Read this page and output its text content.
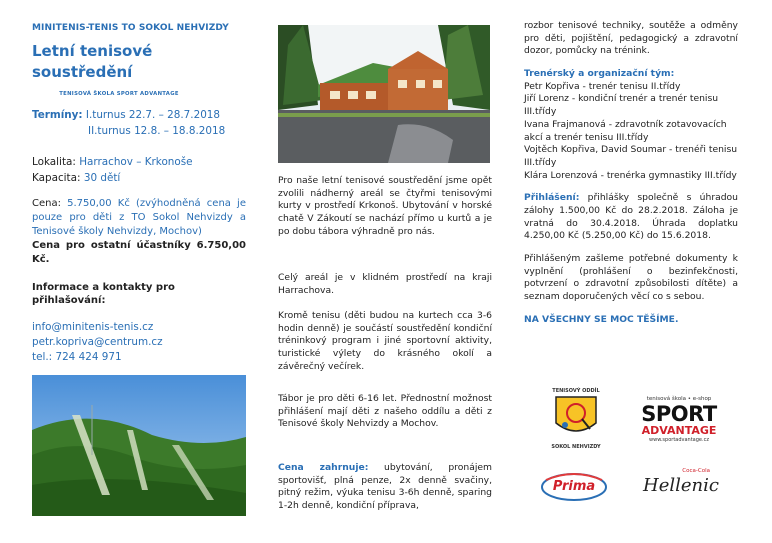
MINITENIS-TENIS TO SOKOL NEHVIZDY
Letní tenisové soustředění
TENISOVÁ ŠKOLA SPORT ADVANTAGE
Termíny: I.turnus 22.7. – 28.7.2018
II.turnus 12.8. – 18.8.2018
Lokalita: Harrachov – Krkonoše
Kapacita: 30 dětí
Cena: 5.750,00 Kč (zvýhodněná cena je pouze pro děti z TO Sokol Nehvizdy a Tenisové školy Nehvizdy, Mochov)
Cena pro ostatní účastníky 6.750,00 Kč.
Informace a kontakty pro přihlašování:
info@minitenis-tenis.cz
petr.kopriva@centrum.cz
tel.: 724 424 971
Pro naše letní tenisové soustředění jsme opět zvolili nádherný areál se čtyřmi tenisovými kurty v prostředí Krkonoš. Ubytování v horské chatě V Zákoutí se nachází přímo u kurtů a je po dobu tábora výhradně pro nás.
Celý areál je v klidném prostředí na kraji Harrachova.
Kromě tenisu (děti budou na kurtech cca 3-6 hodin denně) je součástí soustředění kondiční tréninkový program i jiné sportovní aktivity, turistické výlety do krásného okolí a závěrečný večírek.
Tábor je pro děti 6-16 let. Přednostní možnost přihlášení mají děti z našeho oddílu a děti z Tenisové školy Nehvizdy a Mochov.
Cena zahrnuje: ubytování, pronájem sportovišť, plná penze, 2x denně svačiny, pitný režim, výuka tenisu 3-6h denně, sparing 1-2h denně, kondiční příprava,
rozbor tenisové techniky, soutěže a odměny pro děti, pojištění, pedagogický a zdravotní dozor, pomůcky na trénink.
Trenérský a organizační tým:
Petr Kopřiva - trenér tenisu II.třídy
Jiří Lorenz - kondiční trenér a trenér tenisu III.třídy
Ivana Frajmanová - zdravotník zotavovacích akcí a trenér tenisu III.třídy
Vojtěch Kopřiva, David Soumar - trenéři tenisu III.třídy
Klára Lorenzová - trenérka gymnastiky III.třídy
Přihlášení: přihlášky společně s úhradou zálohy 1.500,00 Kč do 28.2.2018. Záloha je vratná do 30.4.2018. Úhrada doplatku 4.250,00 Kč (5.250,00 Kč) do 15.6.2018.
Přihlášeným zašleme potřebné dokumenty k vyplnění (prohlášení o bezinfekčnosti, potvrzení o zdravotní způsobilosti dítěte) a seznam doporučených věcí co s sebou.
NA VŠECHNY SE MOC TĚŠÍME.
TENISOVÝ ODDÍL
SOKOL NEHVIZDY
tenisová škola • e-shop
SPORT
ADVANTAGE
www.sportadvantage.cz
Prima
Coca-Cola
Hellenic
